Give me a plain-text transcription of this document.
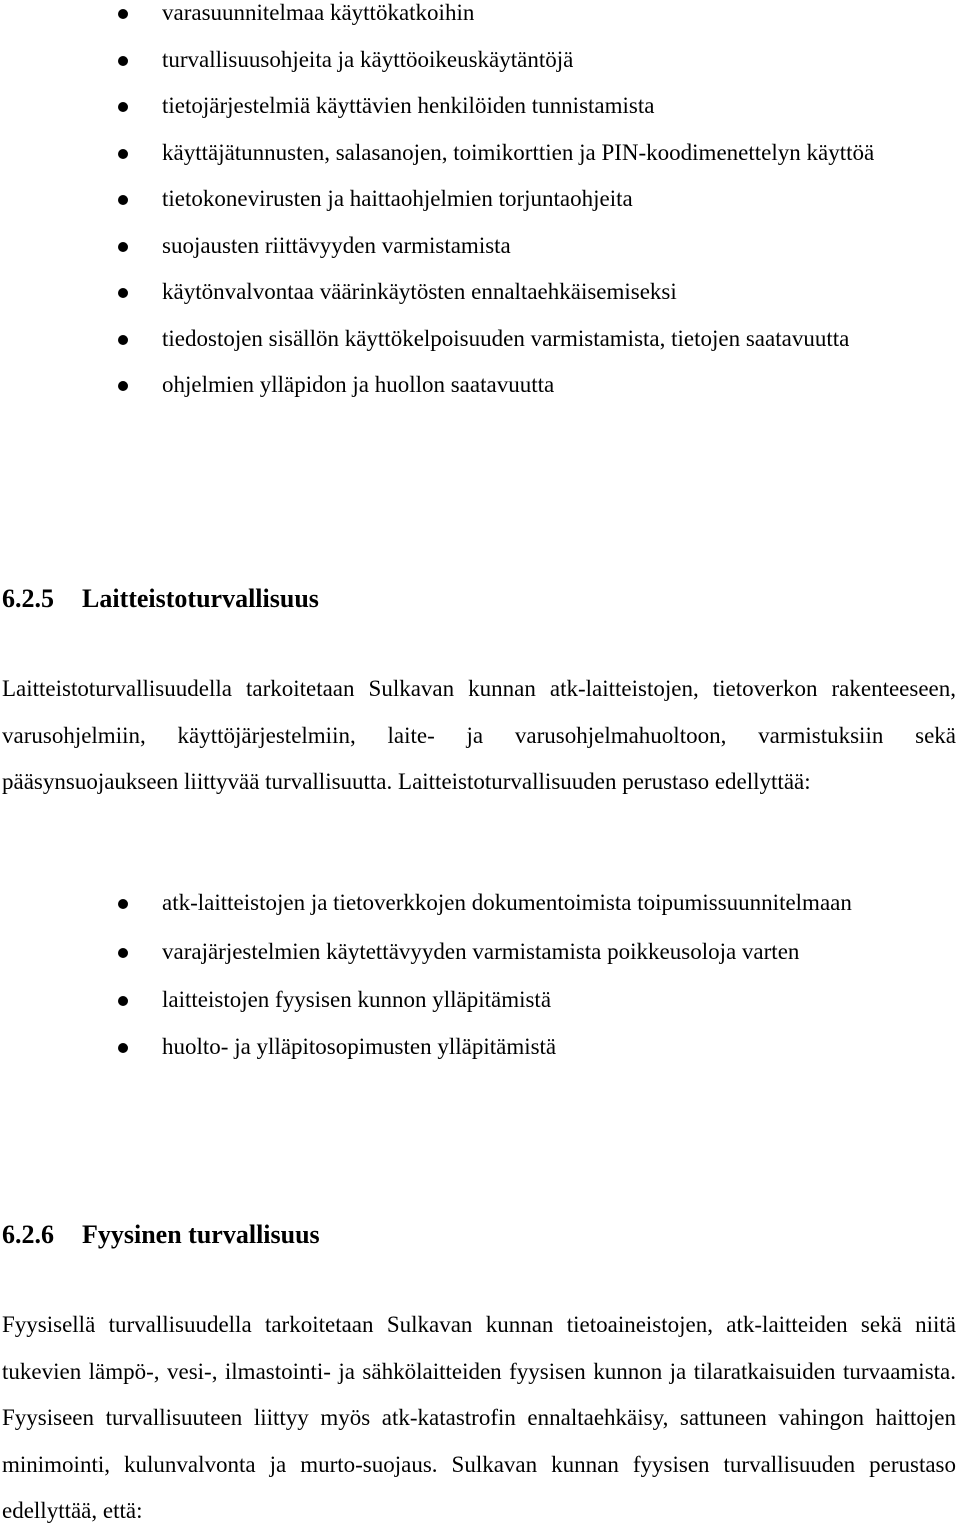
varasuunnitelmaa käyttökatkoihin
turvallisuusohjeita ja käyttöoikeuskäytäntöjä
tietojärjestelmiä käyttävien henkilöiden tunnistamista
käyttäjätunnusten, salasanojen, toimikorttien ja PIN-koodimenettelyn käyttöä
tietokonevirusten ja haittaohjelmien torjuntaohjeita
suojausten riittävyyden varmistamista
käytönvalvontaa väärinkäytösten ennaltaehkäisemiseksi
tiedostojen sisällön käyttökelpoisuuden varmistamista, tietojen saatavuutta
ohjelmien ylläpidon ja huollon saatavuutta
6.2.5 Laitteistoturvallisuus

Laitteistoturvallisuudella tarkoitetaan Sulkavan kunnan atk-laitteistojen, tietoverkon rakenteeseen, varusohjelmiin, käyttöjärjestelmiin, laite- ja varusohjelmahuoltoon, varmistuksiin sekä pääsynsuojaukseen liittyvää turvallisuutta. Laitteistoturvallisuuden perustaso edellyttää:

atk-laitteistojen ja tietoverkkojen dokumentoimista toipumissuunnitelmaan
varajärjestelmien käytettävyyden varmistamista poikkeusoloja varten
laitteistojen fyysisen kunnon ylläpitämistä
huolto- ja ylläpitosopimusten ylläpitämistä
6.2.6 Fyysinen turvallisuus

Fyysisellä turvallisuudella tarkoitetaan Sulkavan kunnan tietoaineistojen, atk-laitteiden sekä niitä tukevien lämpö-, vesi-, ilmastointi- ja sähkölaitteiden fyysisen kunnon ja tilaratkaisuiden turvaamista. Fyysiseen turvallisuuteen liittyy myös atk-katastrofin ennaltaehkäisy, sattuneen vahingon haittojen minimointi, kulunvalvonta ja murto-suojaus. Sulkavan kunnan fyysisen turvallisuuden perustaso edellyttää, että:
